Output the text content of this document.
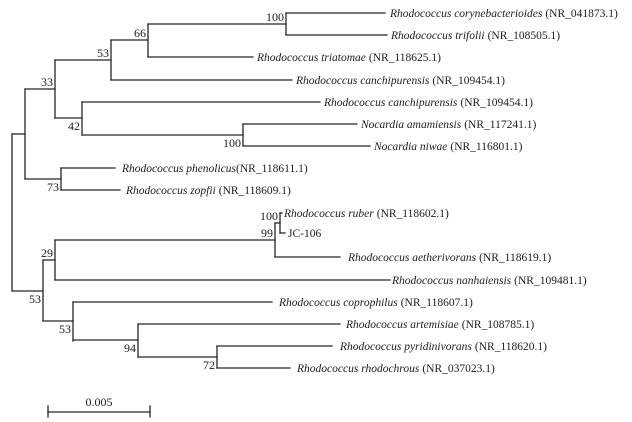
33
53
66
100
42
100
73
53
29
99
100
53
94
72
Rhodococcus corynebacterioides (NR_041873.1)
Rhodococcus trifolii (NR_108505.1)
Rhodococcus triatomae (NR_118625.1)
Rhodococcus canchipurensis (NR_109454.1)
Rhodococcus canchipurensis (NR_109454.1)
Nocardia amamiensis (NR_117241.1)
Nocardia niwae (NR_116801.1)
Rhodococcus phenolicus(NR_118611.1)
Rhodococcus zopfii (NR_118609.1)
Rhodococcus ruber (NR_118602.1)
JC-106
Rhodococcus aetherivorans (NR_118619.1)
Rhodococcus nanhaiensis (NR_109481.1)
Rhodococcus coprophilus (NR_118607.1)
Rhodococcus artemisiae (NR_108785.1)
Rhodococcus pyridinivorans (NR_118620.1)
Rhodococcus rhodochrous (NR_037023.1)
0.005
